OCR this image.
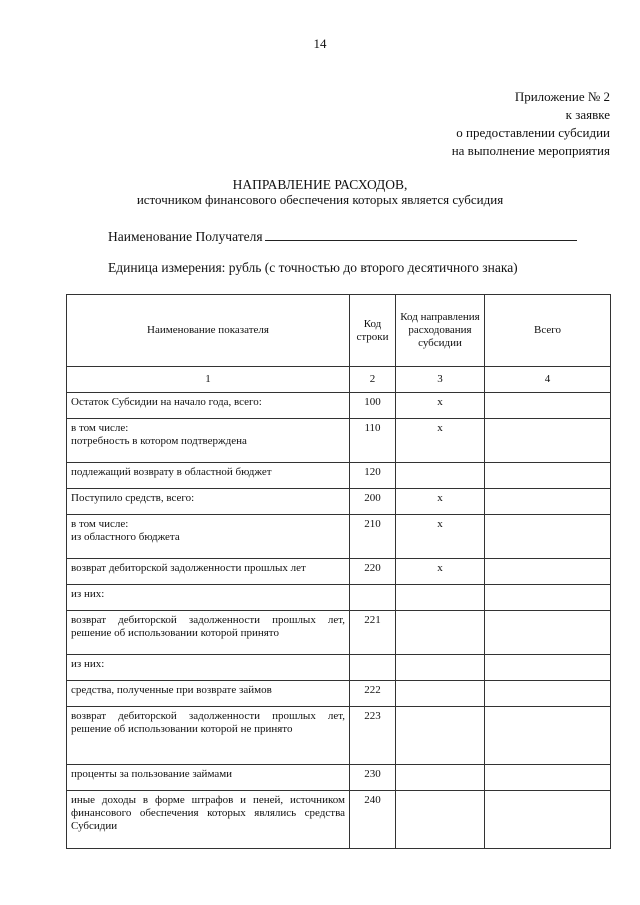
14
Приложение № 2
к заявке
о предоставлении субсидии
на выполнение мероприятия
НАПРАВЛЕНИЕ РАСХОДОВ,
источником финансового обеспечения которых является субсидия
Наименование Получателя
Единица измерения: рубль (с точностью до второго десятичного знака)
Наименование показателя	Код строки	Код направления расходования субсидии	Всего
1	2	3	4
Остаток Субсидии на начало года, всего:	100	x	

в том числе:
потребность в котором подтверждена	110	x	
подлежащий возврату в областной бюджет	120		
Поступило средств, всего:	200	x	

в том числе:
из областного бюджета	210	x	
возврат дебиторской задолженности прошлых лет	220	x	
из них:			
возврат дебиторской задолженности прошлых лет, решение об использовании которой принято	221		
из них:			
средства, полученные при возврате займов	222		
возврат дебиторской задолженности прошлых лет, решение об использовании которой не принято	223		
проценты за пользование займами	230		
иные доходы в форме штрафов и пеней, источником финансового обеспечения которых являлись средства Субсидии	240		
